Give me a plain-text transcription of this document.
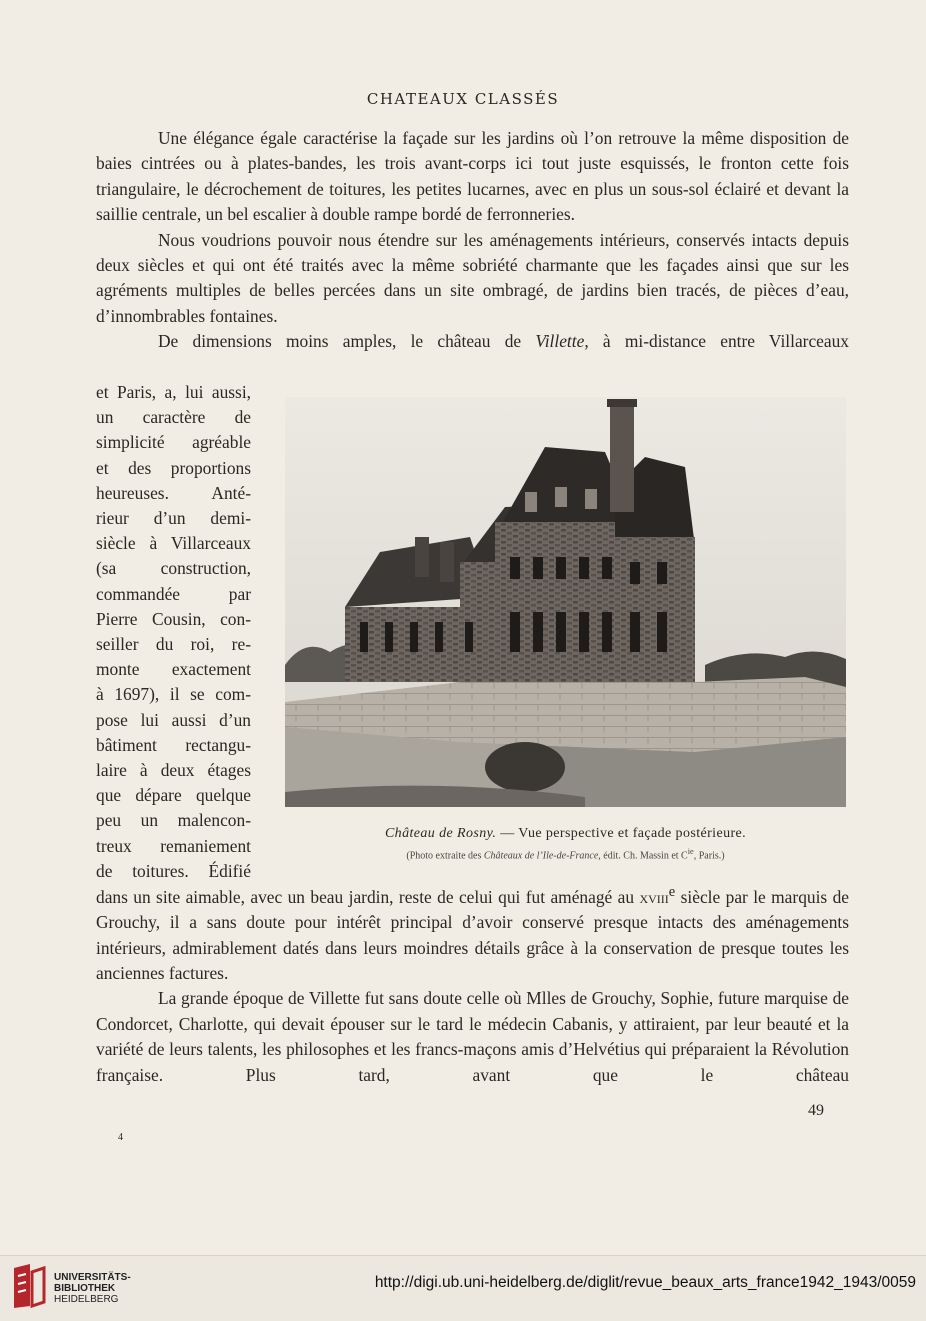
CHATEAUX CLASSÉS

Une élégance égale caractérise la façade sur les jardins où l’on retrouve la même disposition de baies cintrées ou à plates-bandes, les trois avant-corps ici tout juste esquissés, le fronton cette fois triangulaire, le décrochement de toitures, les petites lucarnes, avec en plus un sous-sol éclairé et devant la saillie centrale, un bel escalier à double rampe bordé de ferronneries.

Nous voudrions pouvoir nous étendre sur les aménagements intérieurs, conservés intacts depuis deux siècles et qui ont été traités avec la même sobriété charmante que les façades ainsi que sur les agréments multiples de belles percées dans un site ombragé, de jardins bien tracés, de pièces d’eau, d’innombrables fontaines.

De dimensions moins amples, le château de Villette, à mi-distance entre Villarceaux

et Paris, a, lui aussi,
un caractère de
simplicité agréable
et des proportions
heureuses. Anté-
rieur d’un demi-
siècle à Villarceaux
(sa construction,
commandée par
Pierre Cousin, con-
seiller du roi, re-
monte exactement
à 1697), il se com-
pose lui aussi d’un
bâtiment rectangu-
laire à deux étages
que dépare quelque
peu un malencon-
treux remaniement
de toitures. Édifié
Château de Rosny. — Vue perspective et façade postérieure.
(Photo extraite des Châteaux de l’Ile-de-France, édit. Ch. Massin et $C^{ie}$, Paris.)

dans un site aimable, avec un beau jardin, reste de celui qui fut aménagé au xviii$^e$ siècle par le marquis de Grouchy, il a sans doute pour intérêt principal d’avoir conservé presque intacts des aménagements intérieurs, admirablement datés dans leurs moindres détails grâce à la conservation de presque toutes les anciennes factures.

La grande époque de Villette fut sans doute celle où Mlles de Grouchy, Sophie, future marquise de Condorcet, Charlotte, qui devait épouser sur le tard le médecin Cabanis, y attiraient, par leur beauté et la variété de leurs talents, les philosophes et les francs-maçons amis d’Helvétius qui préparaient la Révolution française. Plus tard, avant que le château

49
4
UNIVERSITÄTS-
BIBLIOTHEK
HEIDELBERG
http://digi.ub.uni-heidelberg.de/diglit/revue_beaux_arts_france1942_1943/0059
